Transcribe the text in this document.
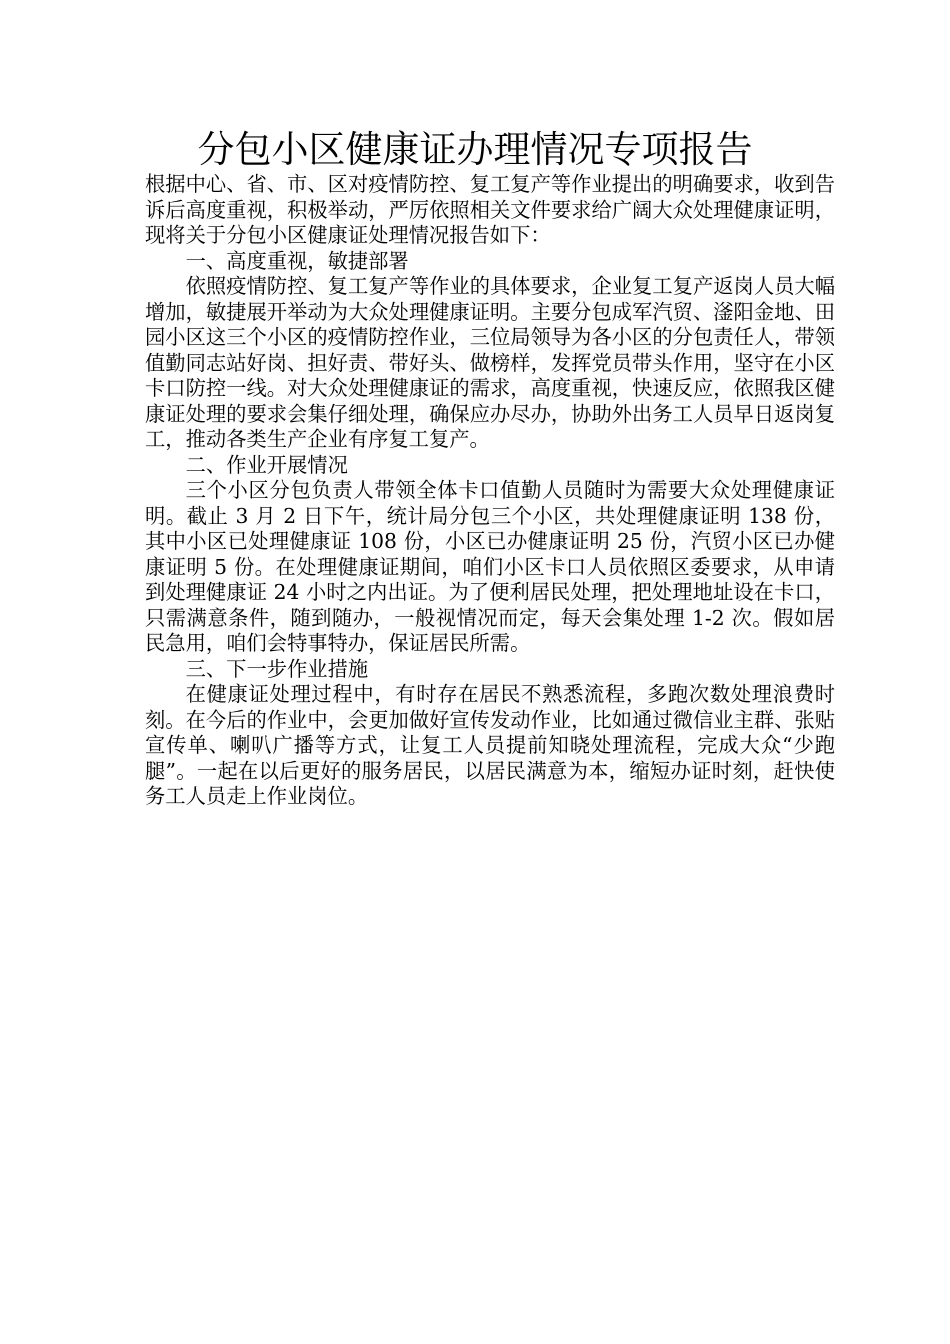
分包小区健康证办理情况专项报告

根据中心、省、市、区对疫情防控、复工复产等作业提出的明确要求，收到告诉后高度重视，积极举动，严厉依照相关文件要求给广阔大众处理健康证明，现将关于分包小区健康证处理情况报告如下：

一、高度重视，敏捷部署

依照疫情防控、复工复产等作业的具体要求，企业复工复产返岗人员大幅增加，敏捷展开举动为大众处理健康证明。主要分包成军汽贸、滏阳金地、田园小区这三个小区的疫情防控作业，三位局领导为各小区的分包责任人，带领值勤同志站好岗、担好责、带好头、做榜样，发挥党员带头作用，坚守在小区卡口防控一线。对大众处理健康证的需求，高度重视，快速反应，依照我区健康证处理的要求会集仔细处理，确保应办尽办，协助外出务工人员早日返岗复工，推动各类生产企业有序复工复产。

二、作业开展情况

三个小区分包负责人带领全体卡口值勤人员随时为需要大众处理健康证明。截止 3 月 2 日下午，统计局分包三个小区，共处理健康证明 138 份，其中小区已处理健康证 108 份，小区已办健康证明 25 份，汽贸小区已办健康证明 5 份。在处理健康证期间，咱们小区卡口人员依照区委要求，从申请到处理健康证 24 小时之内出证。为了便利居民处理，把处理地址设在卡口，只需满意条件，随到随办，一般视情况而定，每天会集处理 1-2 次。假如居民急用，咱们会特事特办，保证居民所需。

三、下一步作业措施

在健康证处理过程中，有时存在居民不熟悉流程，多跑次数处理浪费时刻。在今后的作业中，会更加做好宣传发动作业，比如通过微信业主群、张贴宣传单、喇叭广播等方式，让复工人员提前知晓处理流程，完成大众“少跑腿”。一起在以后更好的服务居民，以居民满意为本，缩短办证时刻，赶快使务工人员走上作业岗位。
